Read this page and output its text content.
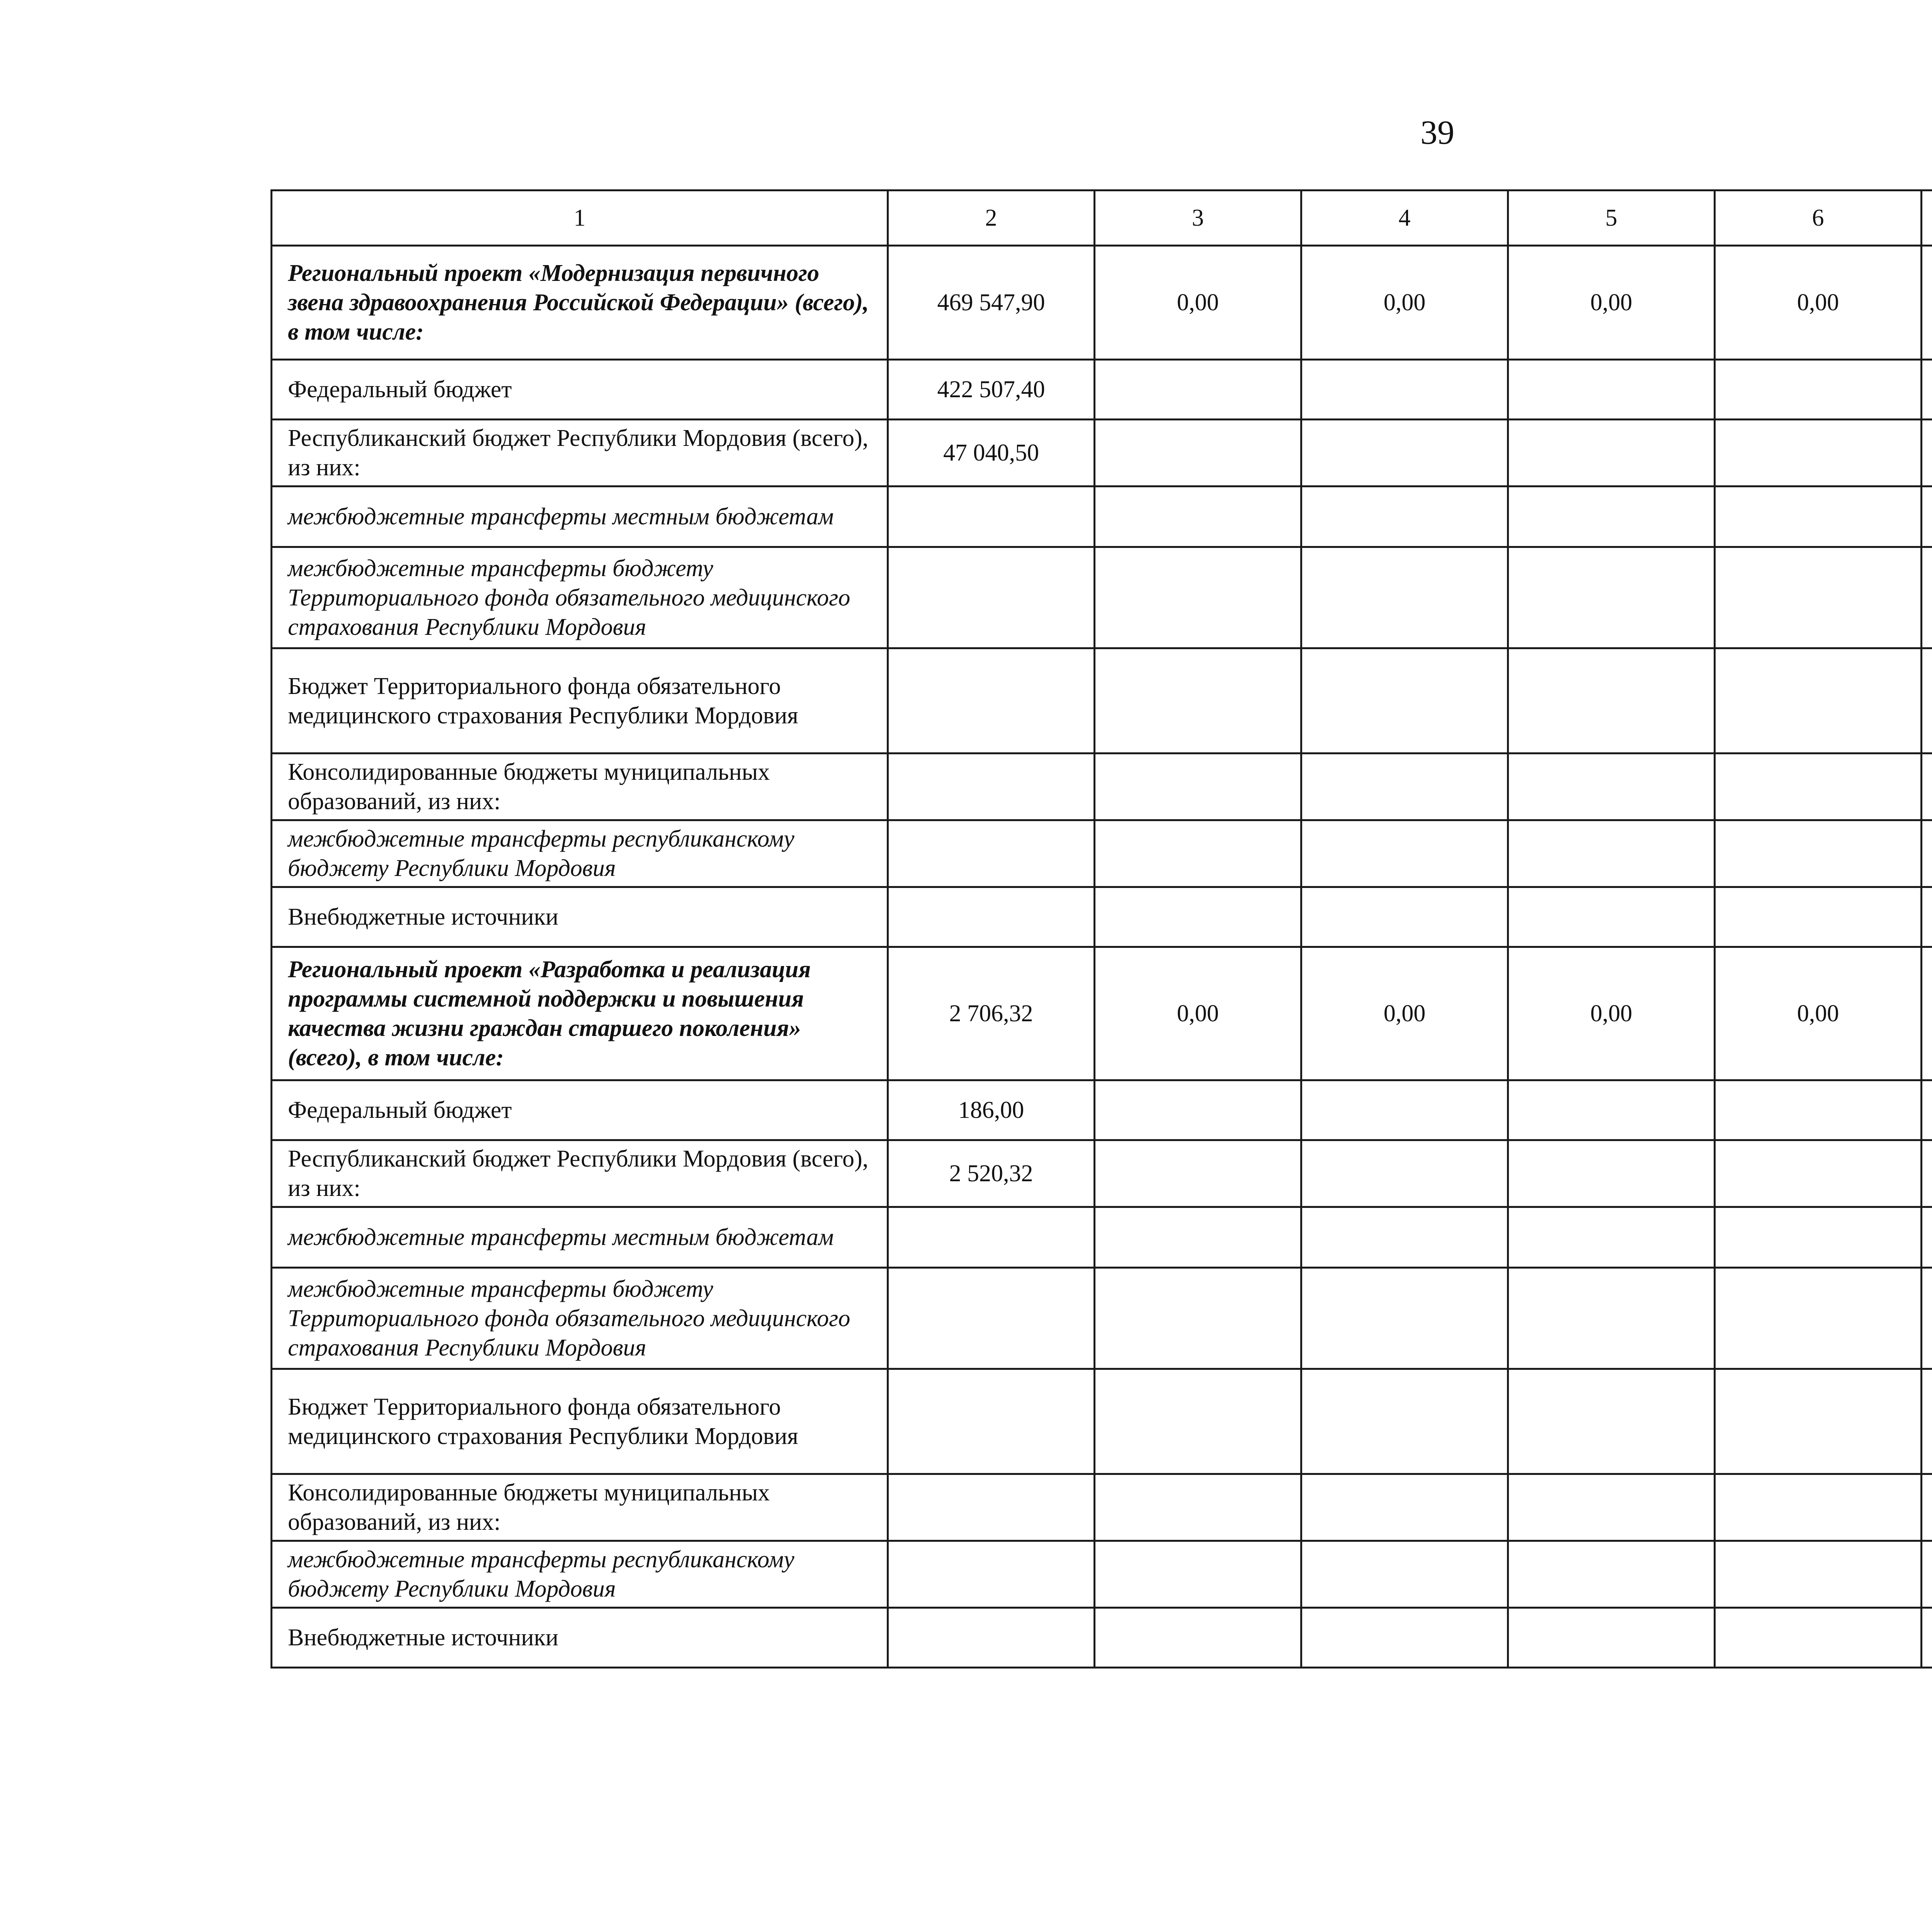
39
1	2	3	4	5	6			
Региональный проект «Модернизация первичного звена здравоохранения Российской Федерации» (всего), в том числе:	469 547,90	0,00	0,00	0,00	0,00			
Федеральный бюджет	422 507,40							
Республиканский бюджет Республики Мордовия (всего), из них:	47 040,50							
межбюджетные трансферты местным бюджетам								
межбюджетные трансферты бюджету Территориального фонда обязательного медицинского страхования Республики Мордовия								
Бюджет Территориального фонда обязательного медицинского страхования Республики Мордовия								
Консолидированные бюджеты муниципальных образований, из них:								
межбюджетные трансферты республиканскому бюджету Республики Мордовия								
Внебюджетные источники								
Региональный проект «Разработка и реализация программы системной поддержки и повышения качества жизни граждан старшего поколения» (всего), в том числе:	2 706,32	0,00	0,00	0,00	0,00			
Федеральный бюджет	186,00							
Республиканский бюджет Республики Мордовия (всего), из них:	2 520,32							
межбюджетные трансферты местным бюджетам								
межбюджетные трансферты бюджету Территориального фонда обязательного медицинского страхования Республики Мордовия								
Бюджет Территориального фонда обязательного медицинского страхования Республики Мордовия								
Консолидированные бюджеты муниципальных образований, из них:								
межбюджетные трансферты республиканскому бюджету Республики Мордовия								
Внебюджетные источники								
